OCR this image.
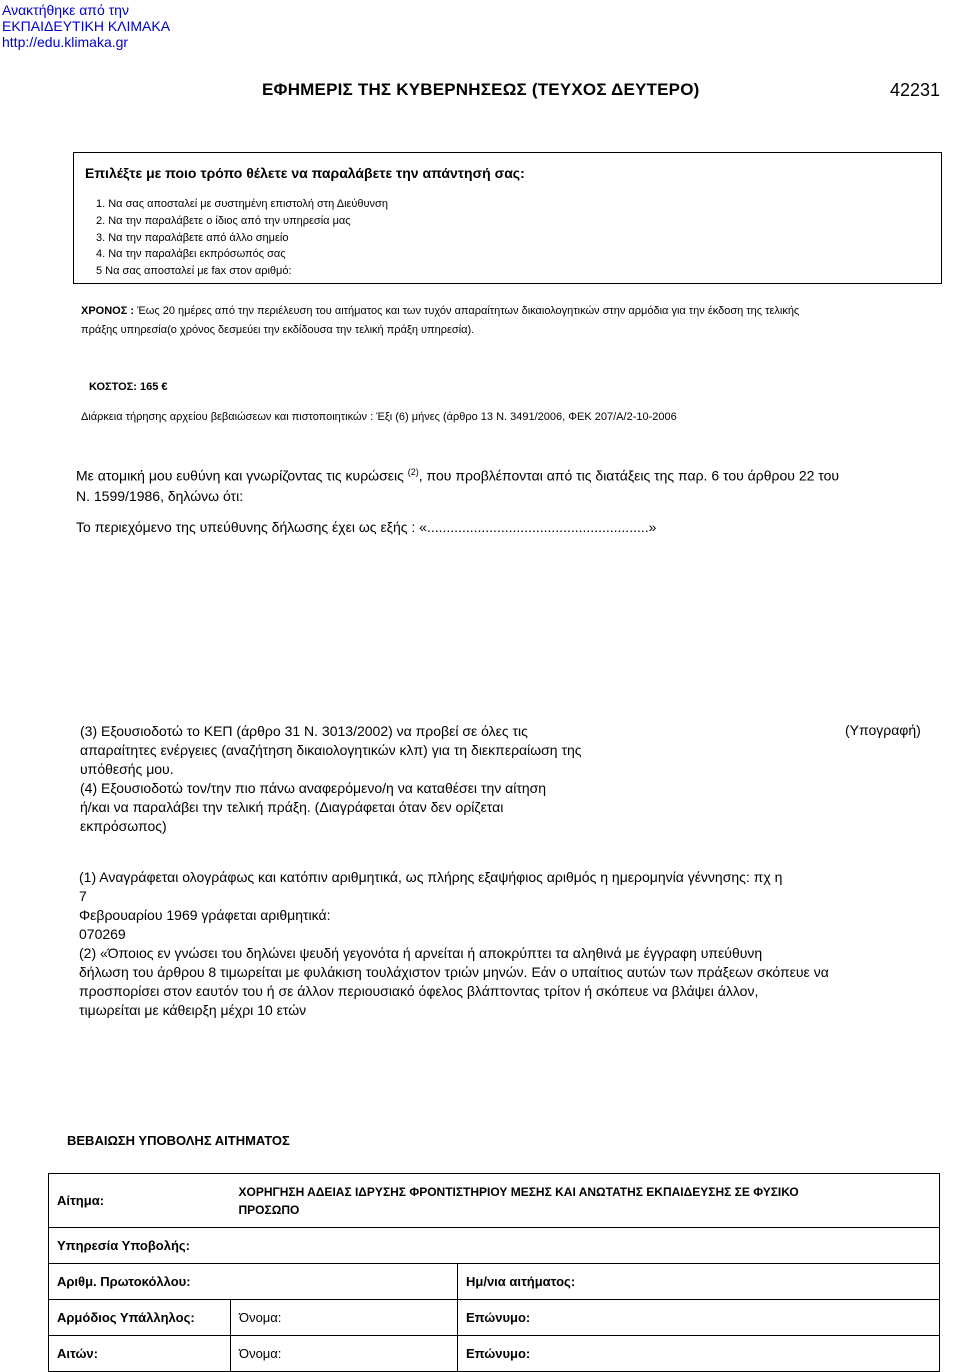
Ανακτήθηκε από την
ΕΚΠΑΙΔΕΥΤΙΚΗ ΚΛΙΜΑΚΑ
http://edu.klimaka.gr
ΕΦΗΜΕΡΙΣ ΤΗΣ ΚΥΒΕΡΝΗΣΕΩΣ (ΤΕΥΧΟΣ ΔΕΥΤΕΡΟ)	42231
Επιλέξτε με ποιο τρόπο θέλετε να παραλάβετε την απάντησή σας:
1. Να σας αποσταλεί με συστημένη επιστολή στη Διεύθυνση
2. Να την παραλάβετε ο ίδιος από την υπηρεσία μας
3. Να την παραλάβετε από άλλο σημείο
4. Να την παραλάβει εκπρόσωπός σας
5 Να σας αποσταλεί με fax στον αριθμό:
ΧΡΟΝΟΣ : Έως 20 ημέρες από την περιέλευση του αιτήματος και των τυχόν απαραίτητων δικαιολογητικών στην αρμόδια για την έκδοση της τελικής
πράξης υπηρεσία(ο χρόνος δεσμεύει την εκδίδουσα την τελική πράξη υπηρεσία).
ΚΟΣΤΟΣ: 165 €
Διάρκεια τήρησης αρχείου βεβαιώσεων και πιστοποιητικών : Έξι (6) μήνες (άρθρο 13 Ν. 3491/2006, ΦΕΚ 207/Α/2-10-2006
Με ατομική μου ευθύνη και γνωρίζοντας τις κυρώσεις $^{(2)}$, που προβλέπονται από τις διατάξεις της παρ. 6 του άρθρου 22 του
Ν. 1599/1986, δηλώνω ότι:
Το περιεχόμενο της υπεύθυνης δήλωσης έχει ως εξής : «.........................................................»
(3) Εξουσιοδοτώ το ΚΕΠ (άρθρο 31 Ν. 3013/2002) να προβεί σε όλες τις
απαραίτητες ενέργειες (αναζήτηση δικαιολογητικών κλπ) για τη διεκπεραίωση της
υπόθεσής μου.
(4) Εξουσιοδοτώ τον/την πιο πάνω αναφερόμενο/η να καταθέσει την αίτηση
ή/και να παραλάβει την τελική πράξη. (Διαγράφεται όταν δεν ορίζεται
εκπρόσωπος)
(Υπογραφή)
(1) Αναγράφεται ολογράφως και κατόπιν αριθμητικά, ως πλήρης εξαψήφιος αριθμός η ημερομηνία γέννησης: πχ η
7
Φεβρουαρίου 1969 γράφεται αριθμητικά:
070269
(2) «Όποιος εν γνώσει του δηλώνει ψευδή γεγονότα ή αρνείται ή αποκρύπτει τα αληθινά με έγγραφη υπεύθυνη
δήλωση του άρθρου 8 τιμωρείται με φυλάκιση τουλάχιστον τριών μηνών. Εάν ο υπαίτιος αυτών των πράξεων σκόπευε να
προσπορίσει στον εαυτόν του ή σε άλλον περιουσιακό όφελος βλάπτοντας τρίτον ή σκόπευε να βλάψει άλλον,
τιμωρείται με κάθειρξη μέχρι 10 ετών
ΒΕΒΑΙΩΣΗ ΥΠΟΒΟΛΗΣ ΑΙΤΗΜΑΤΟΣ
Αίτημα:	ΧΟΡΗΓΗΣΗ ΑΔΕΙΑΣ ΙΔΡΥΣΗΣ ΦΡΟΝΤΙΣΤΗΡΙΟΥ ΜΕΣΗΣ ΚΑΙ ΑΝΩΤΑΤΗΣ ΕΚΠΑΙΔΕΥΣΗΣ ΣΕ ΦΥΣΙΚΟ
ΠΡΟΣΩΠΟ	

Υπηρεσία Υποβολής:		
Αριθμ. Πρωτοκόλλου:		Ημ/νια αιτήματος:
Αρμόδιος Υπάλληλος:	Όνομα:	Επώνυμο:
Αιτών:	Όνομα:	Επώνυμο:
